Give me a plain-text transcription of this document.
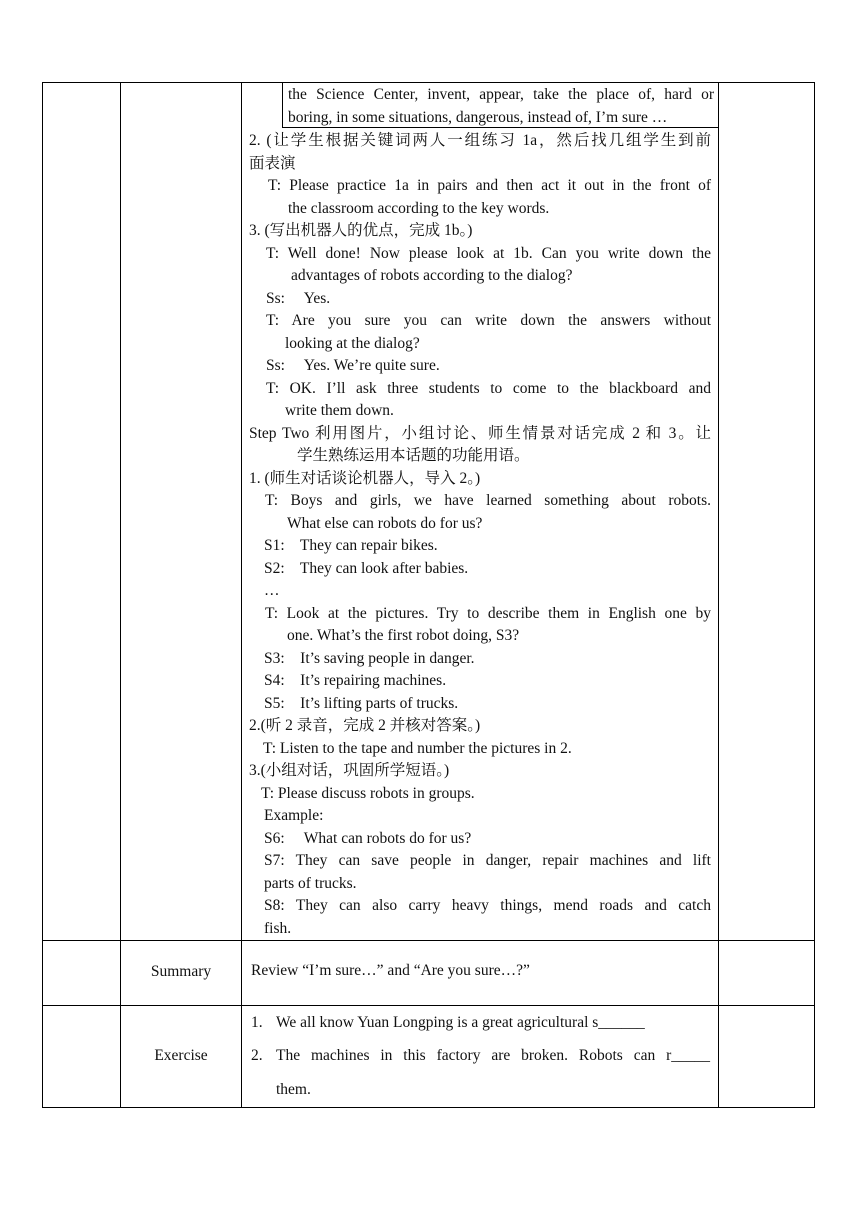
the Science Center, invent, appear, take the place of, hard or
boring, in some situations, dangerous, instead of, I’m sure …
2. (让学生根据关键词两人一组练习 1a，然后找几组学生到前
面表演
T: Please practice 1a in pairs and then act it out in the front of
the classroom according to the key words.
3. (写出机器人的优点，完成 1b。)
T: Well done! Now please look at 1b. Can you write down the
advantages of robots according to the dialog?
Ss:     Yes.
T: Are you sure you can write down the answers without
looking at the dialog?
Ss:     Yes. We’re quite sure.
T: OK. I’ll ask three students to come to the blackboard and
write them down.
Step Two 利用图片，小组讨论、师生情景对话完成 2 和 3。让
学生熟练运用本话题的功能用语。
1. (师生对话谈论机器人，导入 2。)
T: Boys and girls, we have learned something about robots.
What else can robots do for us?
S1:    They can repair bikes.
S2:    They can look after babies.
…
T: Look at the pictures. Try to describe them in English one by
one. What’s the first robot doing, S3?
S3:    It’s saving people in danger.
S4:    It’s repairing machines.
S5:    It’s lifting parts of trucks.
2.(听 2 录音，完成 2 并核对答案。)
T: Listen to the tape and number the pictures in 2.
3.(小组对话，巩固所学短语。)
T: Please discuss robots in groups.
Example:
S6:     What can robots do for us?
S7: They can save people in danger, repair machines and lift
parts of trucks.
S8: They can also carry heavy things, mend roads and catch
fish.
Summary	Review “I’m sure…” and “Are you sure…?”
Exercise
1. We all know Yuan Longping is a great agricultural s______
2. The machines in this factory are broken. Robots can r_____
them.
